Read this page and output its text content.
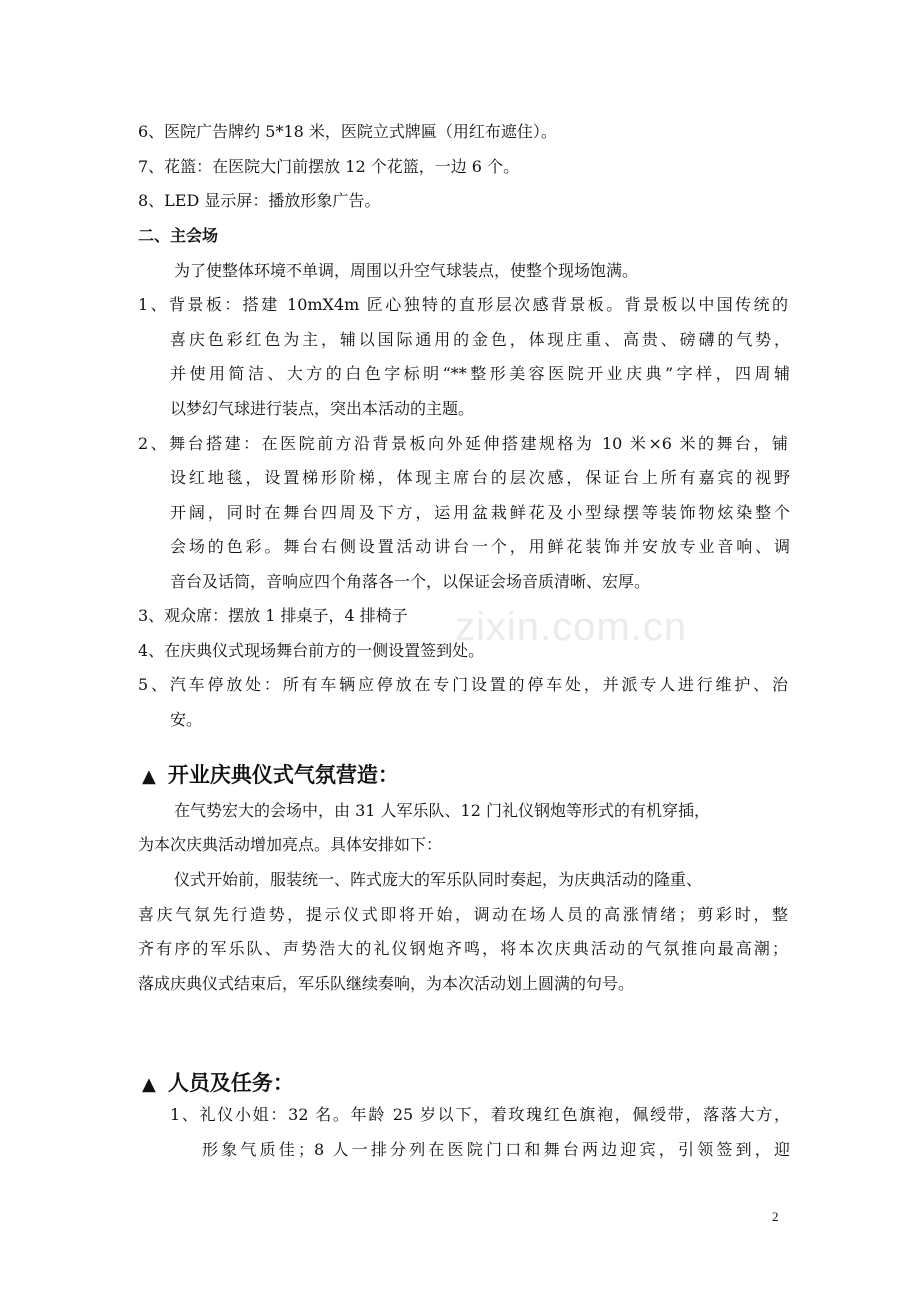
zixin.com.cn
6、医院广告牌约 5*18 米，医院立式牌匾（用红布遮住）。
7、花篮：在医院大门前摆放 12 个花篮，一边 6 个。
8、LED 显示屏：播放形象广告。
二、主会场
为了使整体环境不单调，周围以升空气球装点，使整个现场饱满。
1、背景板：搭建 10mX4m 匠心独特的直形层次感背景板。背景板以中国传统的
喜庆色彩红色为主，辅以国际通用的金色，体现庄重、高贵、磅礴的气势，
并使用简洁、大方的白色字标明“**整形美容医院开业庆典”字样，四周辅
以梦幻气球进行装点，突出本活动的主题。
2、舞台搭建：在医院前方沿背景板向外延伸搭建规格为 10 米×6 米的舞台，铺
设红地毯，设置梯形阶梯，体现主席台的层次感，保证台上所有嘉宾的视野
开阔，同时在舞台四周及下方，运用盆栽鲜花及小型绿摆等装饰物炫染整个
会场的色彩。舞台右侧设置活动讲台一个，用鲜花装饰并安放专业音响、调
音台及话筒，音响应四个角落各一个，以保证会场音质清晰、宏厚。
3、观众席：摆放 1 排桌子，4 排椅子
4、在庆典仪式现场舞台前方的一侧设置签到处。
5、汽车停放处：所有车辆应停放在专门设置的停车处，并派专人进行维护、治
安。
▲ 开业庆典仪式气氛营造：
在气势宏大的会场中，由 31 人军乐队、12 门礼仪钢炮等形式的有机穿插，
为本次庆典活动增加亮点。具体安排如下：
仪式开始前，服装统一、阵式庞大的军乐队同时奏起，为庆典活动的隆重、
喜庆气氛先行造势，提示仪式即将开始，调动在场人员的高涨情绪；剪彩时，整
齐有序的军乐队、声势浩大的礼仪钢炮齐鸣，将本次庆典活动的气氛推向最高潮；
落成庆典仪式结束后，军乐队继续奏响，为本次活动划上圆满的句号。
▲ 人员及任务：
1、礼仪小姐：32 名。年龄 25 岁以下，着玫瑰红色旗袍，佩绶带，落落大方，
形象气质佳；8 人一排分列在医院门口和舞台两边迎宾，引领签到，迎
2
